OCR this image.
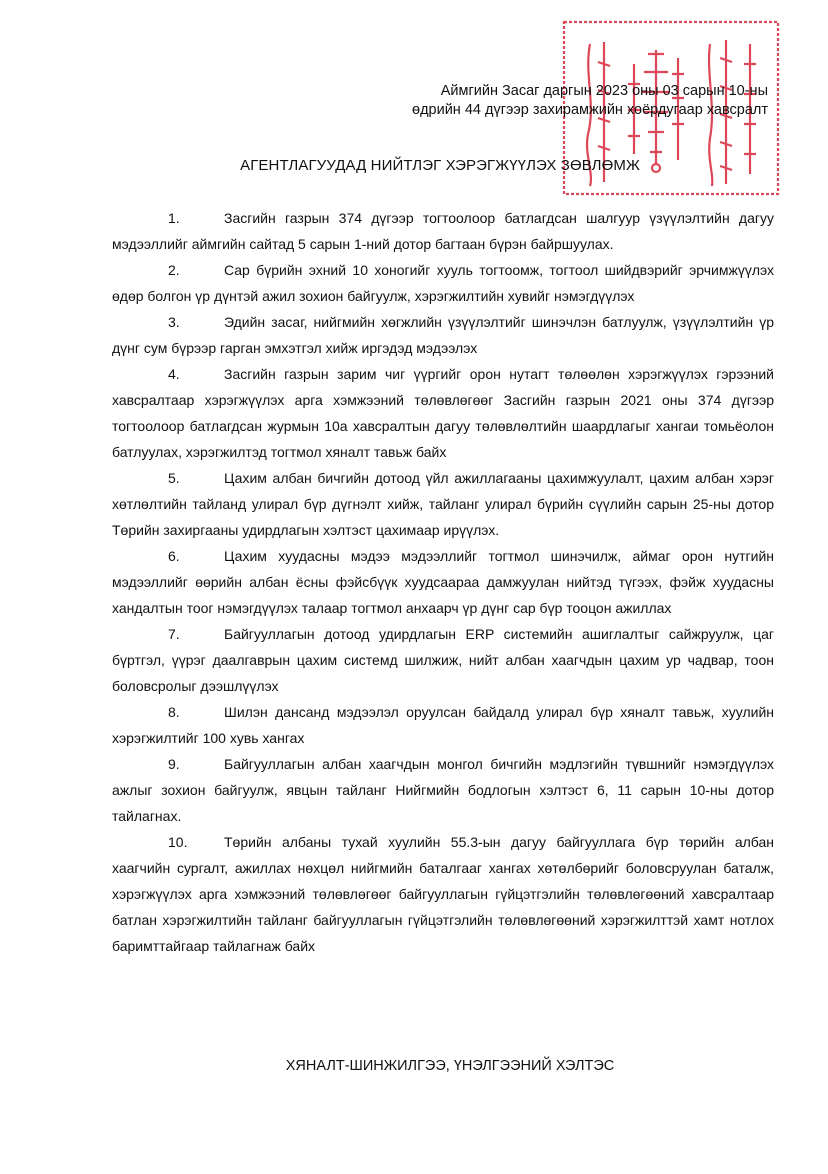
Аймгийн Засаг даргын 2023 оны 03 сарын 10-ны
өдрийн 44 дүгээр захирамжийн хоёрдугаар хавсралт
АГЕНТЛАГУУДАД НИЙТЛЭГ ХЭРЭГЖҮҮЛЭХ ЗӨВЛӨМЖ

1.	Засгийн газрын 374 дүгээр тогтоолоор батлагдсан шалгуур үзүүлэлтийн дагуу мэдээллийг аймгийн сайтад 5 сарын 1-ний дотор багтаан бүрэн байршуулах.

2.	Сар бүрийн эхний 10 хоногийг хууль тогтоомж, тогтоол шийдвэрийг эрчимжүүлэх өдөр болгон үр дүнтэй ажил зохион байгуулж, хэрэгжилтийн хувийг нэмэгдүүлэх

3.	Эдийн засаг, нийгмийн хөгжлийн үзүүлэлтийг шинэчлэн батлуулж, үзүүлэлтийн үр дүнг сум бүрээр гарган эмхэтгэл хийж иргэдэд мэдээлэх

4.	Засгийн газрын зарим чиг үүргийг орон нутагт төлөөлөн хэрэгжүүлэх гэрээний хавсралтаар хэрэгжүүлэх арга хэмжээний төлөвлөгөөг Засгийн газрын 2021 оны 374 дүгээр тогтоолоор батлагдсан журмын 10а хавсралтын дагуу төлөвлөлтийн шаардлагыг хангаи томьёолон батлуулах, хэрэгжилтэд тогтмол хяналт тавьж байх

5.	Цахим албан бичгийн дотоод үйл ажиллагааны цахимжуулалт, цахим албан хэрэг хөтлөлтийн тайланд улирал бүр дүгнэлт хийж, тайланг улирал бүрийн сүүлийн сарын 25-ны дотор Төрийн захиргааны удирдлагын хэлтэст цахимаар ирүүлэх.

6.	Цахим хуудасны мэдээ мэдээллийг тогтмол шинэчилж, аймаг орон нутгийн мэдээллийг өөрийн албан ёсны фэйсбүүк хуудсаараа дамжуулан нийтэд түгээх, фэйж хуудасны хандалтын тоог нэмэгдүүлэх талаар тогтмол анхаарч үр дүнг сар бүр тооцон ажиллах

7.	Байгууллагын дотоод удирдлагын ERP системийн ашиглалтыг сайжруулж, цаг бүртгэл, үүрэг даалгаврын цахим системд шилжиж, нийт албан хаагчдын цахим ур чадвар, тоон боловсролыг дээшлүүлэх

8.	Шилэн дансанд мэдээлэл оруулсан байдалд улирал бүр хяналт тавьж, хуулийн хэрэгжилтийг 100 хувь хангах

9.	Байгууллагын албан хаагчдын монгол бичгийн мэдлэгийн түвшнийг нэмэгдүүлэх ажлыг зохион байгуулж, явцын тайланг Нийгмийн бодлогын хэлтэст 6, 11 сарын 10-ны дотор тайлагнах.

10.	Төрийн албаны тухай хуулийн 55.3-ын дагуу байгууллага бүр төрийн албан хаагчийн сургалт, ажиллах нөхцөл нийгмийн баталгааг хангах хөтөлбөрийг боловсруулан баталж, хэрэгжүүлэх арга хэмжээний төлөвлөгөөг байгууллагын гүйцэтгэлийн төлөвлөгөөний хавсралтаар батлан хэрэгжилтийн тайланг байгууллагын гүйцэтгэлийн төлөвлөгөөний хэрэгжилттэй хамт нотлох баримттайгаар тайлагнаж байх

ХЯНАЛТ-ШИНЖИЛГЭЭ, ҮНЭЛГЭЭНИЙ ХЭЛТЭС
